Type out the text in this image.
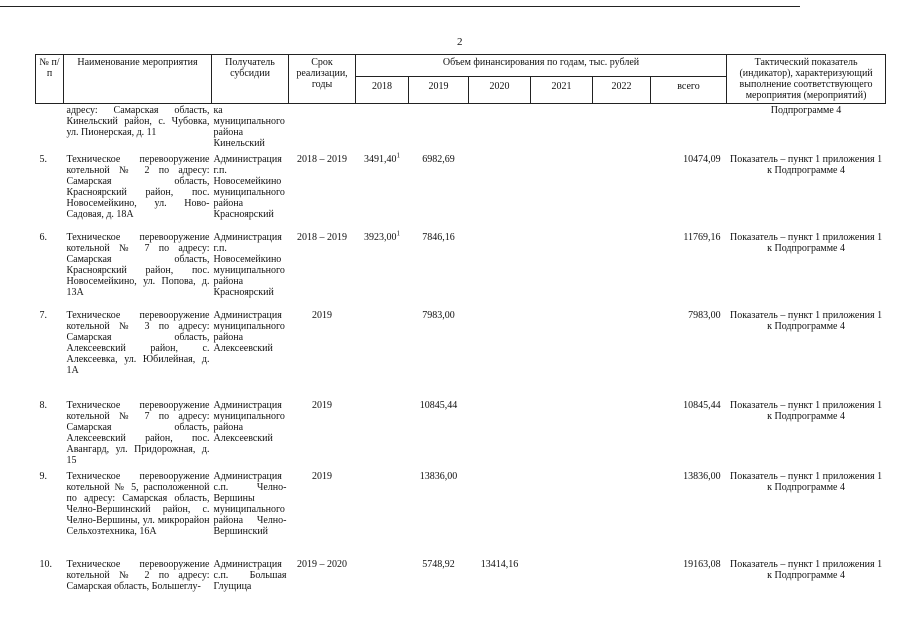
2
№ п/п	Наименование мероприятия	Получатель субсидии	Срок реализации, годы	Объем финансирования по годам, тыс. рублей						Тактический показатель (индикатор), характеризующий выполнение соответствующего мероприятия (мероприятий)
				2018	2019	2020	2021	2022	всего	
	адресу: Самарская область, Кинельский район, с. Чубовка, ул. Пионерская, д. 11	ка муниципального района Кинельский								Подпрограмме 4

5.	Техническое перевооружение котельной № 2 по адресу: Самарская область, Красноярский район, пос. Новосемейкино, ул. Ново-Садовая, д. 18А	Администрация г.п. Новосемейкино муниципального района Красноярский	2018 – 2019	3491,40$^1$	6982,69				10474,09	Показатель – пункт 1 приложения 1 к Подпрограмме 4
6.	Техническое перевооружение котельной № 7 по адресу: Самарская область, Красноярский район, пос. Новосемейкино, ул. Попова, д. 13А	Администрация г.п. Новосемейкино муниципального района Красноярский	2018 – 2019	3923,00$^1$	7846,16				11769,16	Показатель – пункт 1 приложения 1 к Подпрограмме 4
7.	Техническое перевооружение котельной № 3 по адресу: Самарская область, Алексеевский район, с. Алексеевка, ул. Юбилейная, д. 1А	Администрация муниципального района Алексеевский	2019		7983,00				7983,00	Показатель – пункт 1 приложения 1 к Подпрограмме 4
8.	Техническое перевооружение котельной № 7 по адресу: Самарская область, Алексеевский район, пос. Авангард, ул. Придорожная, д. 15	Администрация муниципального района Алексеевский	2019		10845,44				10845,44	Показатель – пункт 1 приложения 1 к Подпрограмме 4
9.	Техническое перевооружение котельной № 5, расположенной по адресу: Самарская область, Челно-Вершинский район, с. Челно-Вершины, ул. микрорайон Сельхозтехника, 16А	Администрация с.п. Челно-Вершины муниципального района Челно-Вершинский	2019		13836,00				13836,00	Показатель – пункт 1 приложения 1 к Подпрограмме 4
10.	Техническое перевооружение котельной № 2 по адресу: Самарская область, Большеглу-	Администрация с.п. Большая Глущица	2019 – 2020		5748,92	13414,16			19163,08	Показатель – пункт 1 приложения 1 к Подпрограмме 4
